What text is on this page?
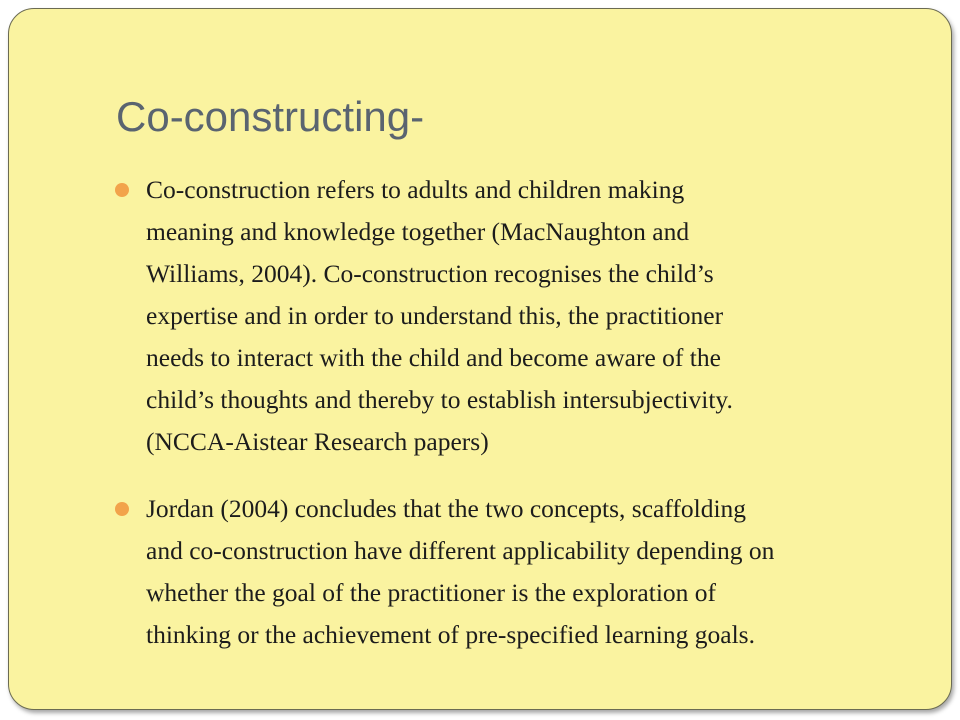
Co-constructing-
Co-construction refers to adults and children making
meaning and knowledge together (MacNaughton and
Williams, 2004). Co-construction recognises the child’s
expertise and in order to understand this, the practitioner
needs to interact with the child and become aware of the
child’s thoughts and thereby to establish intersubjectivity.
(NCCA-Aistear Research papers)
Jordan (2004) concludes that the two concepts, scaffolding
and co-construction have different applicability depending on
whether the goal of the practitioner is the exploration of
thinking or the achievement of pre-specified learning goals.
